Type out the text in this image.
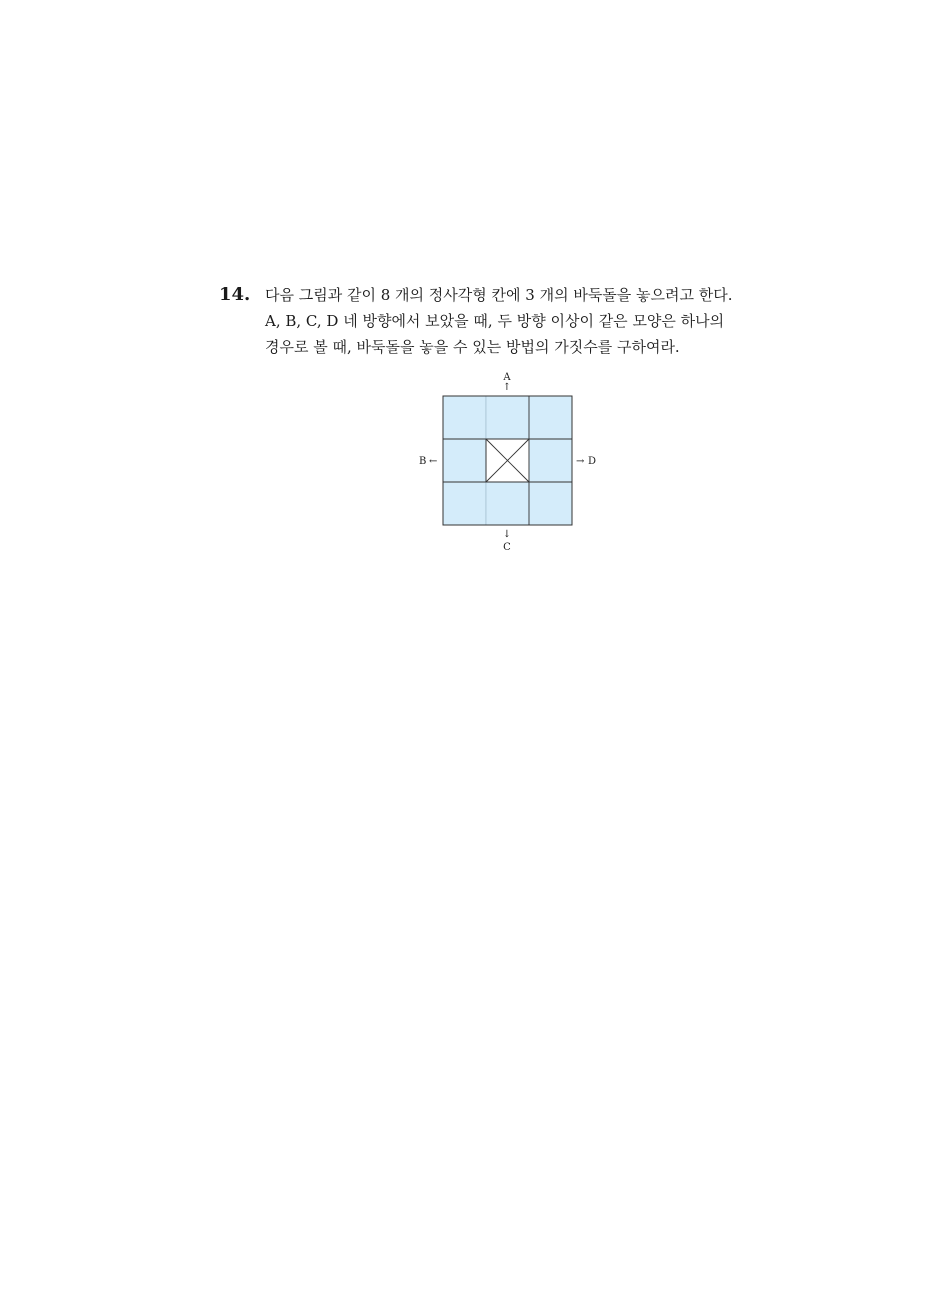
14. 다음 그림과 같이 8 개의 정사각형 칸에 3 개의 바둑돌을 놓으려고 한다.
A, B, C, D 네 방향에서 보았을 때, 두 방향 이상이 같은 모양은 하나의
경우로 볼 때, 바둑돌을 놓을 수 있는 방법의 가짓수를 구하여라.
A
↑
B ←	→ D
↓
C
